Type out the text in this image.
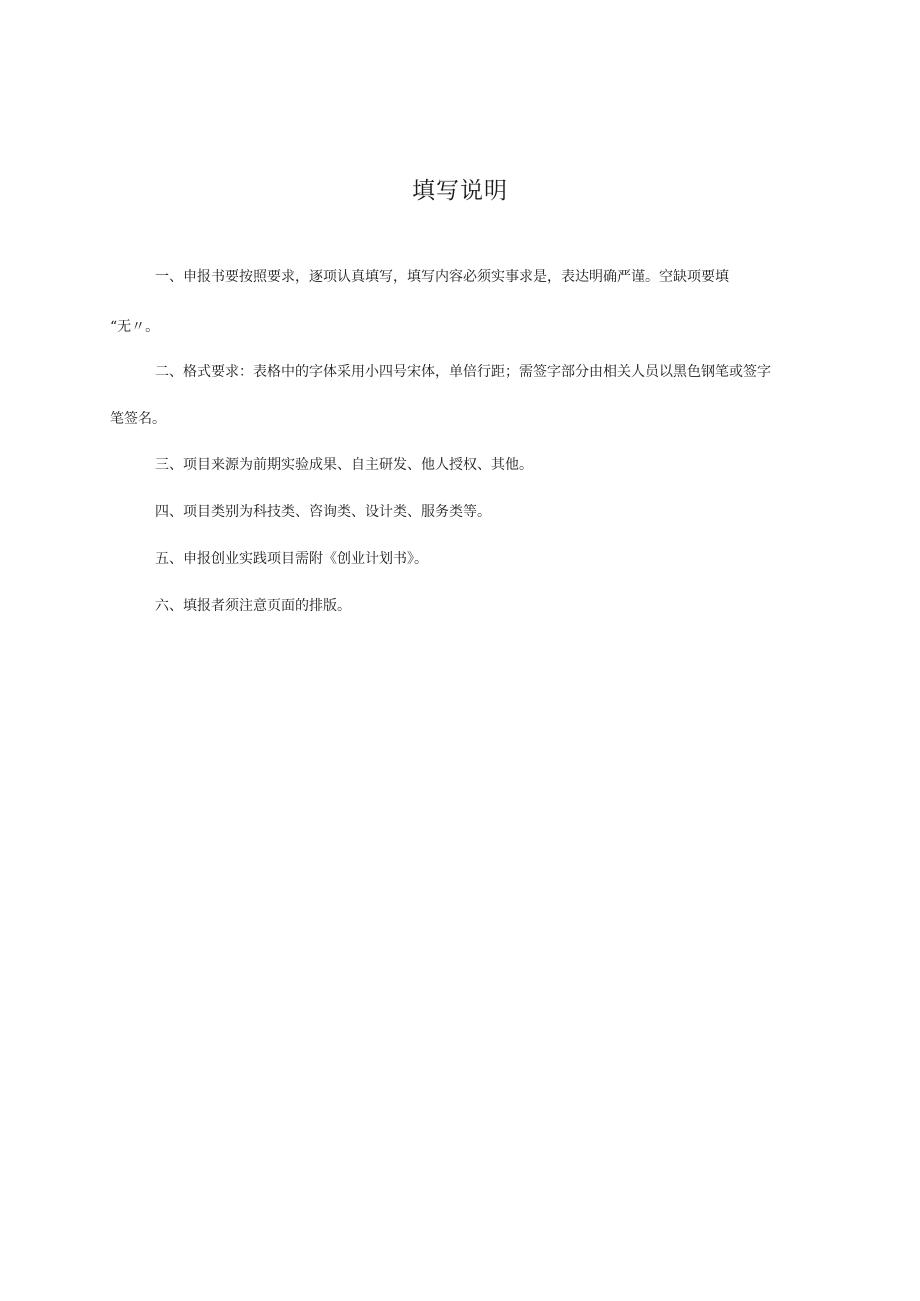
填写说明
一、申报书要按照要求，逐项认真填写，填写内容必须实事求是，表达明确严谨。空缺项要填
“无〃。
二、格式要求：表格中的字体采用小四号宋体，单倍行距；需签字部分由相关人员以黑色钢笔或签字
笔签名。
三、项目来源为前期实验成果、自主研发、他人授权、其他。
四、项目类别为科技类、咨询类、设计类、服务类等。
五、申报创业实践项目需附《创业计划书》。
六、填报者须注意页面的排版。
